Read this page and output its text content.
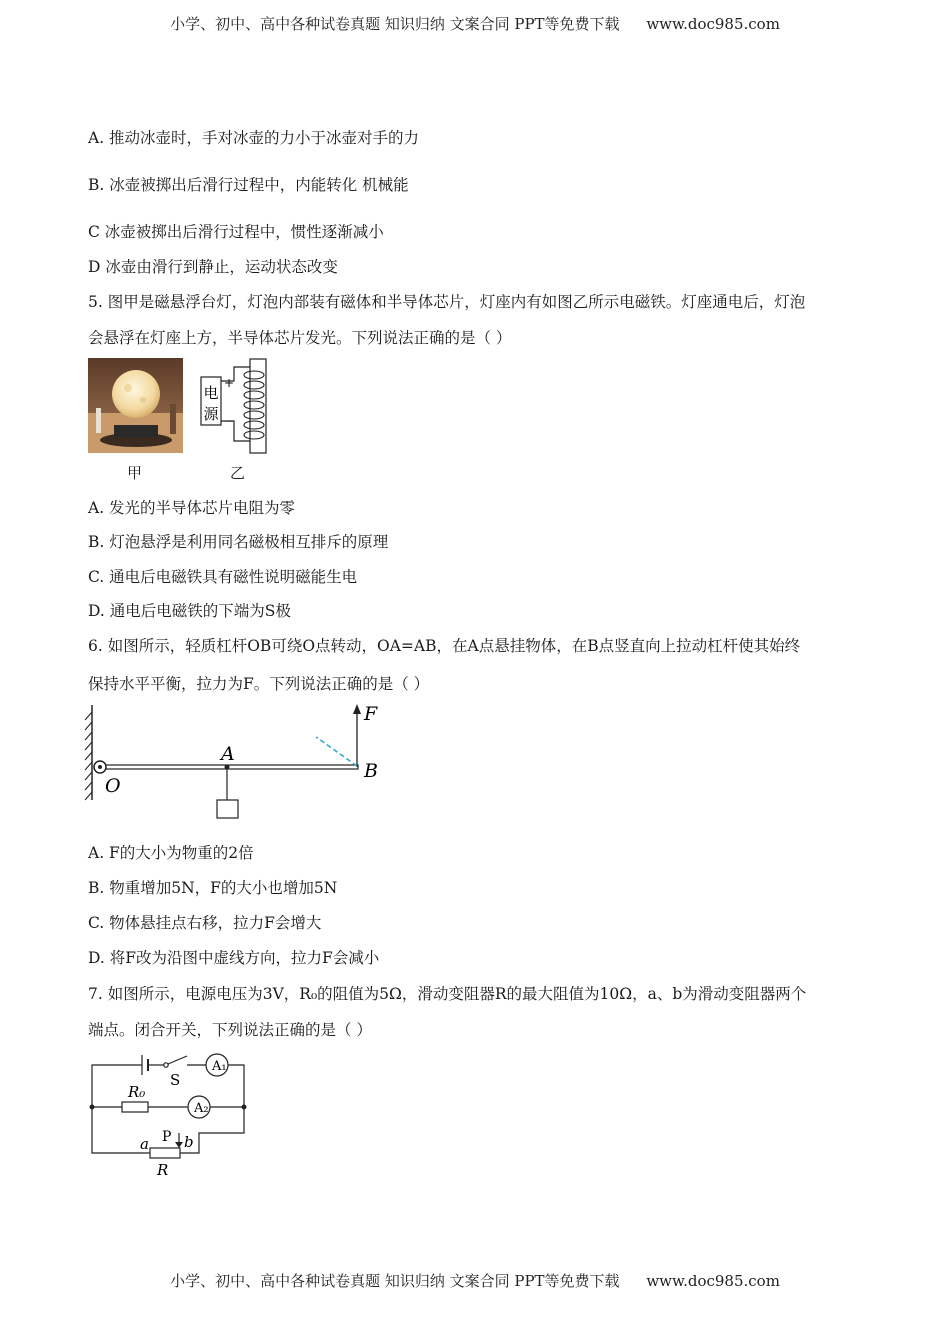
小学、初中、高中各种试卷真题 知识归纳 文案合同 PPT等免费下载 www.doc985.com
A. 推动冰壶时，手对冰壶的力小于冰壶对手的力
B. 冰壶被掷出后滑行过程中，内能转化 机械能
C 冰壶被掷出后滑行过程中，惯性逐渐减小
D 冰壶由滑行到静止，运动状态改变
5. 图甲是磁悬浮台灯，灯泡内部装有磁体和半导体芯片，灯座内有如图乙所示电磁铁。灯座通电后，灯泡
会悬浮在灯座上方，半导体芯片发光。下列说法正确的是（ ）
电
源
+
−
甲	乙
A. 发光的半导体芯片电阻为零
B. 灯泡悬浮是利用同名磁极相互排斥的原理
C. 通电后电磁铁具有磁性说明磁能生电
D. 通电后电磁铁的下端为S极
6. 如图所示，轻质杠杆OB可绕O点转动，OA=AB，在A点悬挂物体，在B点竖直向上拉动杠杆使其始终
保持水平平衡，拉力为F。下列说法正确的是（ ）
O
A
B
F
A. F的大小为物重的2倍
B. 物重增加5N，F的大小也增加5N
C. 物体悬挂点右移，拉力F会增大
D. 将F改为沿图中虚线方向，拉力F会减小
7. 如图所示，电源电压为3V，R₀的阻值为5Ω，滑动变阻器R的最大阻值为10Ω，a、b为滑动变阻器两个
端点。闭合开关，下列说法正确的是（ ）
A₁
A₂
S
R₀
P
a b
R
小学、初中、高中各种试卷真题 知识归纳 文案合同 PPT等免费下载 www.doc985.com
